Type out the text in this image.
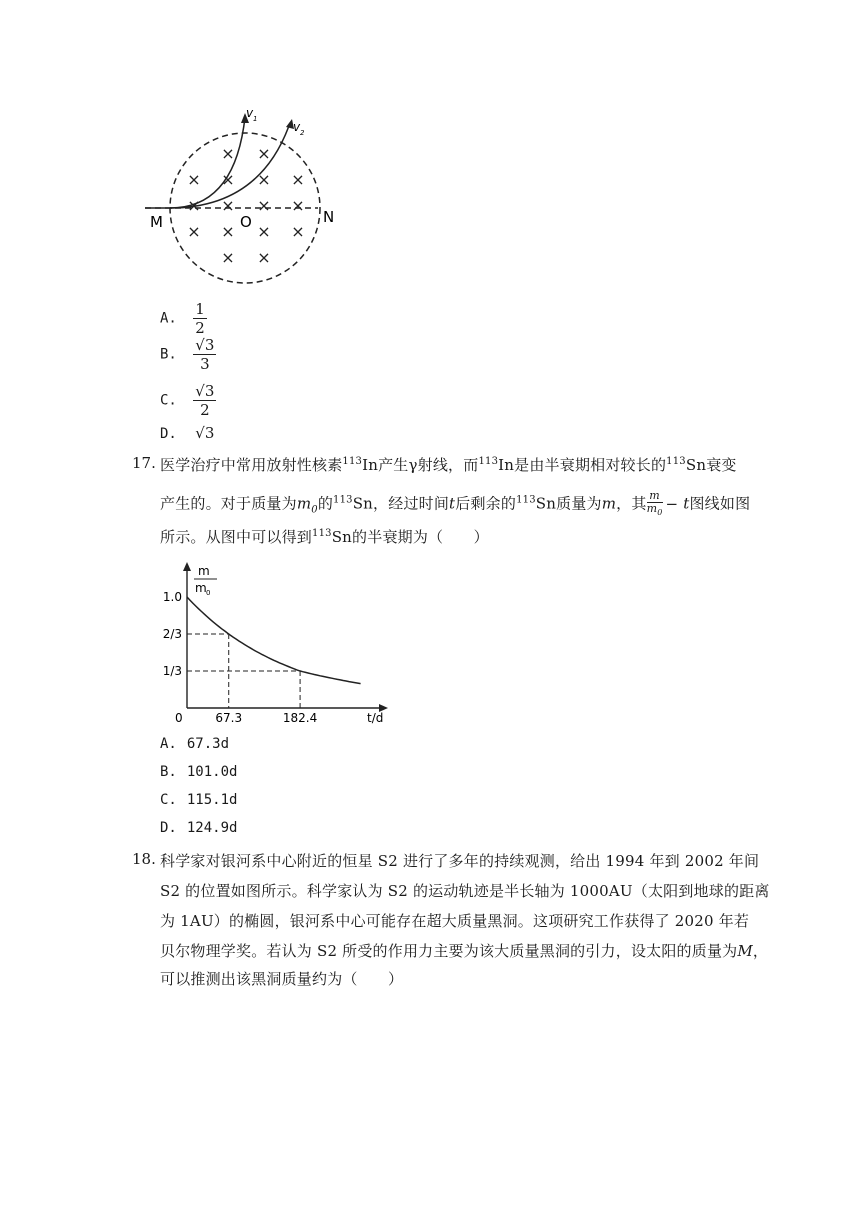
× ×
× × × ×
× × × ×
× × × ×
× ×
v 1
v 2
M	N
O
A. $\frac{1}{2}$
B. $\frac{√3}{3}$
C. $\frac{√3}{2}$
D. √3
17. 医学治疗中常用放射性核素$^{113}$In产生γ射线，而$^{113}$In是由半衰期相对较长的$^{113}$Sn衰变
产生的。对于质量为$m_0$的$^{113}$Sn，经过时间t后剩余的$^{113}$Sn质量为m，其 $\frac{m}{m_0} - t$图线如图
所示。从图中可以得到$^{113}$Sn的半衰期为（　　）
m
m 0
1.0
2/3
1/3
67.3	182.4
0	t/d
A. 67.3d
B. 101.0d
C. 115.1d
D. 124.9d
18. 科学家对银河系中心附近的恒星 S2 进行了多年的持续观测，给出 1994 年到 2002 年间
S2 的位置如图所示。科学家认为 S2 的运动轨迹是半长轴为 1000AU（太阳到地球的距离
为 1AU）的椭圆，银河系中心可能存在超大质量黑洞。这项研究工作获得了 2020 年若
贝尔物理学奖。若认为 S2 所受的作用力主要为该大质量黑洞的引力，设太阳的质量为M，
可以推测出该黑洞质量约为（　　）
